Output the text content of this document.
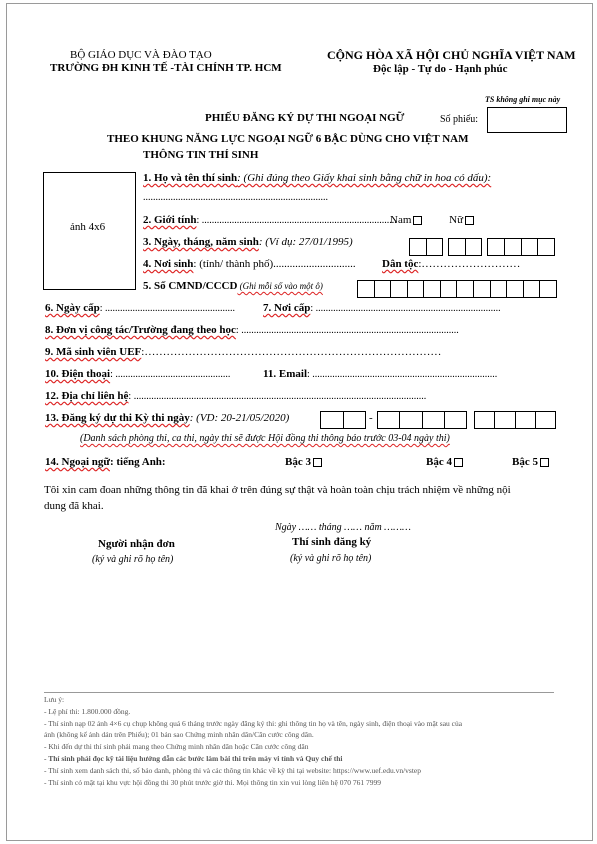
BỘ GIÁO DỤC VÀ ĐÀO TẠO
TRƯỜNG ĐH KINH TẾ -TÀI CHÍNH TP. HCM
CỘNG HÒA XÃ HỘI CHỦ NGHĨA VIỆT NAM
Độc lập - Tự do - Hạnh phúc
TS không ghi mục này
Số phiếu:
PHIẾU ĐĂNG KÝ DỰ THI NGOẠI NGỮ
THEO KHUNG NĂNG LỰC NGOẠI NGỮ 6 BẬC DÙNG CHO VIỆT NAM
THÔNG TIN THÍ SINH
ảnh 4x6
1. Họ và tên thí sinh: (Ghi đúng theo Giấy khai sinh bằng chữ in hoa có dấu):
..........................................................................
2. Giới tính: ..............................................................................
Nam	Nữ
3. Ngày, tháng, năm sinh: (Ví dụ: 27/01/1995)
4. Nơi sinh: (tỉnh/ thành phố).............................. Dân tộc:………………………
5. Số CMND/CCCD (Ghi mỗi số vào một ô)
6. Ngày cấp: ....................................................	7. Nơi cấp: ..........................................................................
8. Đơn vị công tác/Trường đang theo học: .......................................................................................
9. Mã sinh viên UEF:………………………………………………………………………
10. Điện thoại: ..............................................	11. Email: ..........................................................................
12. Địa chỉ liên hệ: .....................................................................................................................
13. Đăng ký dự thi Kỳ thi ngày: (VD: 20-21/05/2020)	-
(Danh sách phòng thi, ca thi, ngày thi sẽ được Hội đồng thi thông báo trước 03-04 ngày thi)
14. Ngoại ngữ: tiếng Anh:	Bậc 3	Bậc 4	Bậc 5
Tôi xin cam đoan những thông tin đã khai ở trên đúng sự thật và hoàn toàn chịu trách nhiệm về những nội
dung đã khai.
Ngày …… tháng …… năm ………
Người nhận đơn
(ký và ghi rõ họ tên)
Thí sinh đăng ký
(ký và ghi rõ họ tên)
Lưu ý:
- Lệ phí thi: 1.800.000 đồng.
- Thí sinh nạp 02 ảnh 4×6 cụ chụp không quá 6 tháng trước ngày đăng ký thi: ghi thông tin họ và tên, ngày sinh, điện thoại vào mặt sau của
ảnh (không kể ảnh dán trên Phiếu); 01 bản sao Chứng minh nhân dân/Căn cước công dân.
- Khi đến dự thi thí sinh phải mang theo Chứng minh nhân dân hoặc Căn cước công dân
- Thí sinh phải đọc kỹ tài liệu hướng dẫn các bước làm bài thi trên máy vi tính và Quy chế thi
- Thí sinh xem danh sách thi, số báo danh, phòng thi và các thông tin khác về kỳ thi tại website: https://www.uef.edu.vn/vstep
- Thí sinh có mặt tại khu vực hội đồng thi 30 phút trước giờ thi. Mọi thông tin xin vui lòng liên hệ 070 761 7999
